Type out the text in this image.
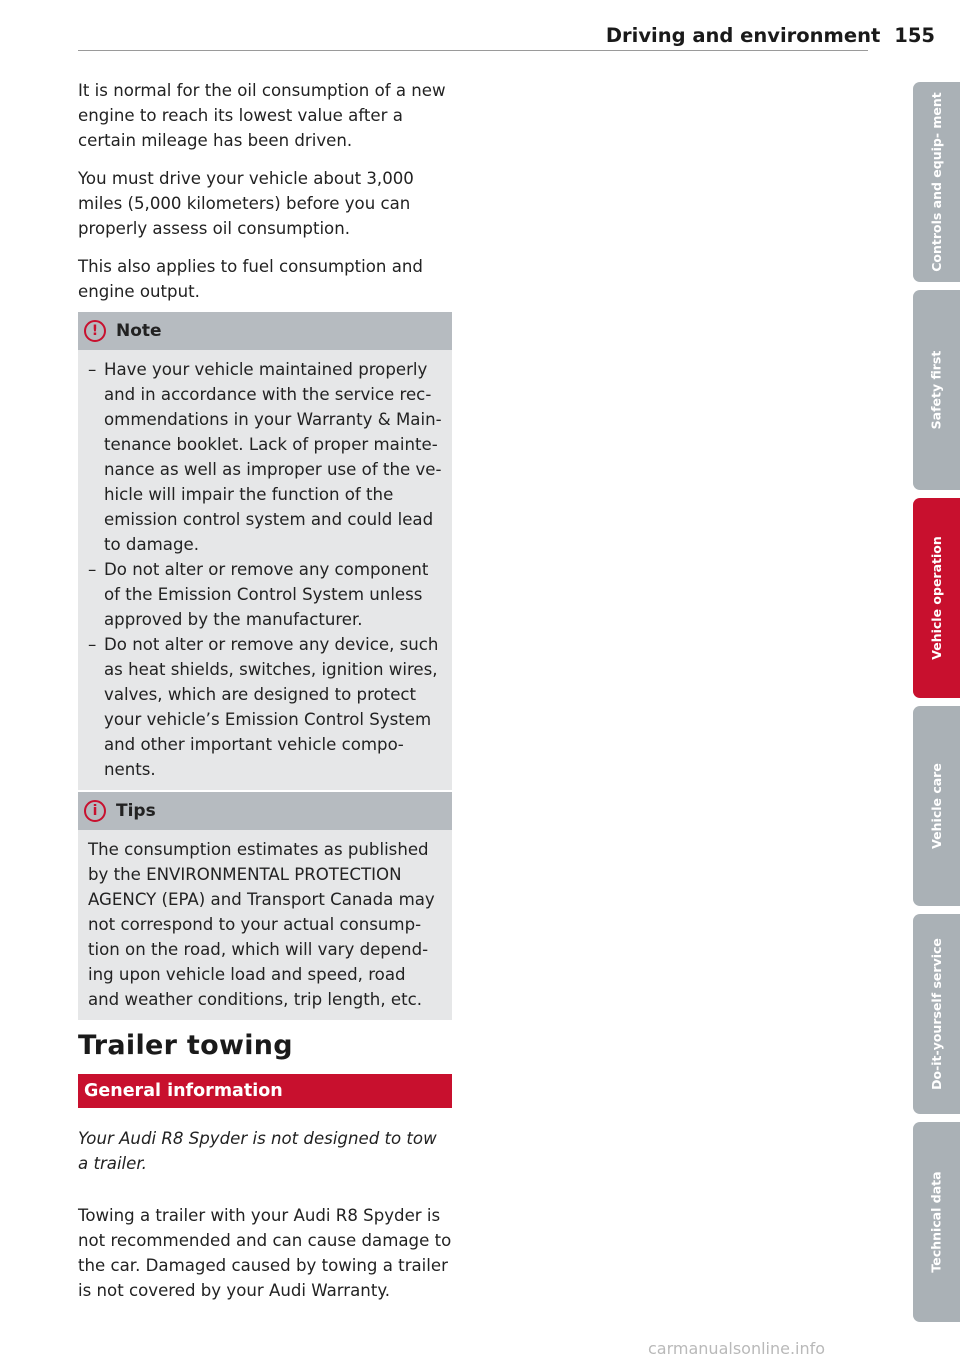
Driving and environment 155

It is normal for the oil consumption of a new engine to reach its lowest value after a certain mileage has been driven.

You must drive your vehicle about 3,000 miles (5,000 kilometers) before you can properly assess oil consumption.

This also applies to fuel consumption and engine output.

!	Note
– Have your vehicle maintained properly and in accordance with the service recommendations in your Warranty & Maintenance booklet. Lack of proper maintenance as well as improper use of the vehicle will impair the function of the emission control system and could lead to damage.
– Do not alter or remove any component of the Emission Control System unless approved by the manufacturer.
– Do not alter or remove any device, such as heat shields, switches, ignition wires, valves, which are designed to protect your vehicle’s Emission Control System and other important vehicle components.
i	Tips
The consumption estimates as published by the ENVIRONMENTAL PROTECTION AGENCY (EPA) and Transport Canada may not correspond to your actual consumption on the road, which will vary depending upon vehicle load and speed, road and weather conditions, trip length, etc.
Trailer towing
General information

Your Audi R8 Spyder is not designed to tow a trailer.

Towing a trailer with your Audi R8 Spyder is not recommended and can cause damage to the car. Damaged caused by towing a trailer is not covered by your Audi Warranty.

Controls and equip- ment
Safety first
Vehicle operation
Vehicle care
Do-it-yourself service
Technical data
carmanualsonline.info
